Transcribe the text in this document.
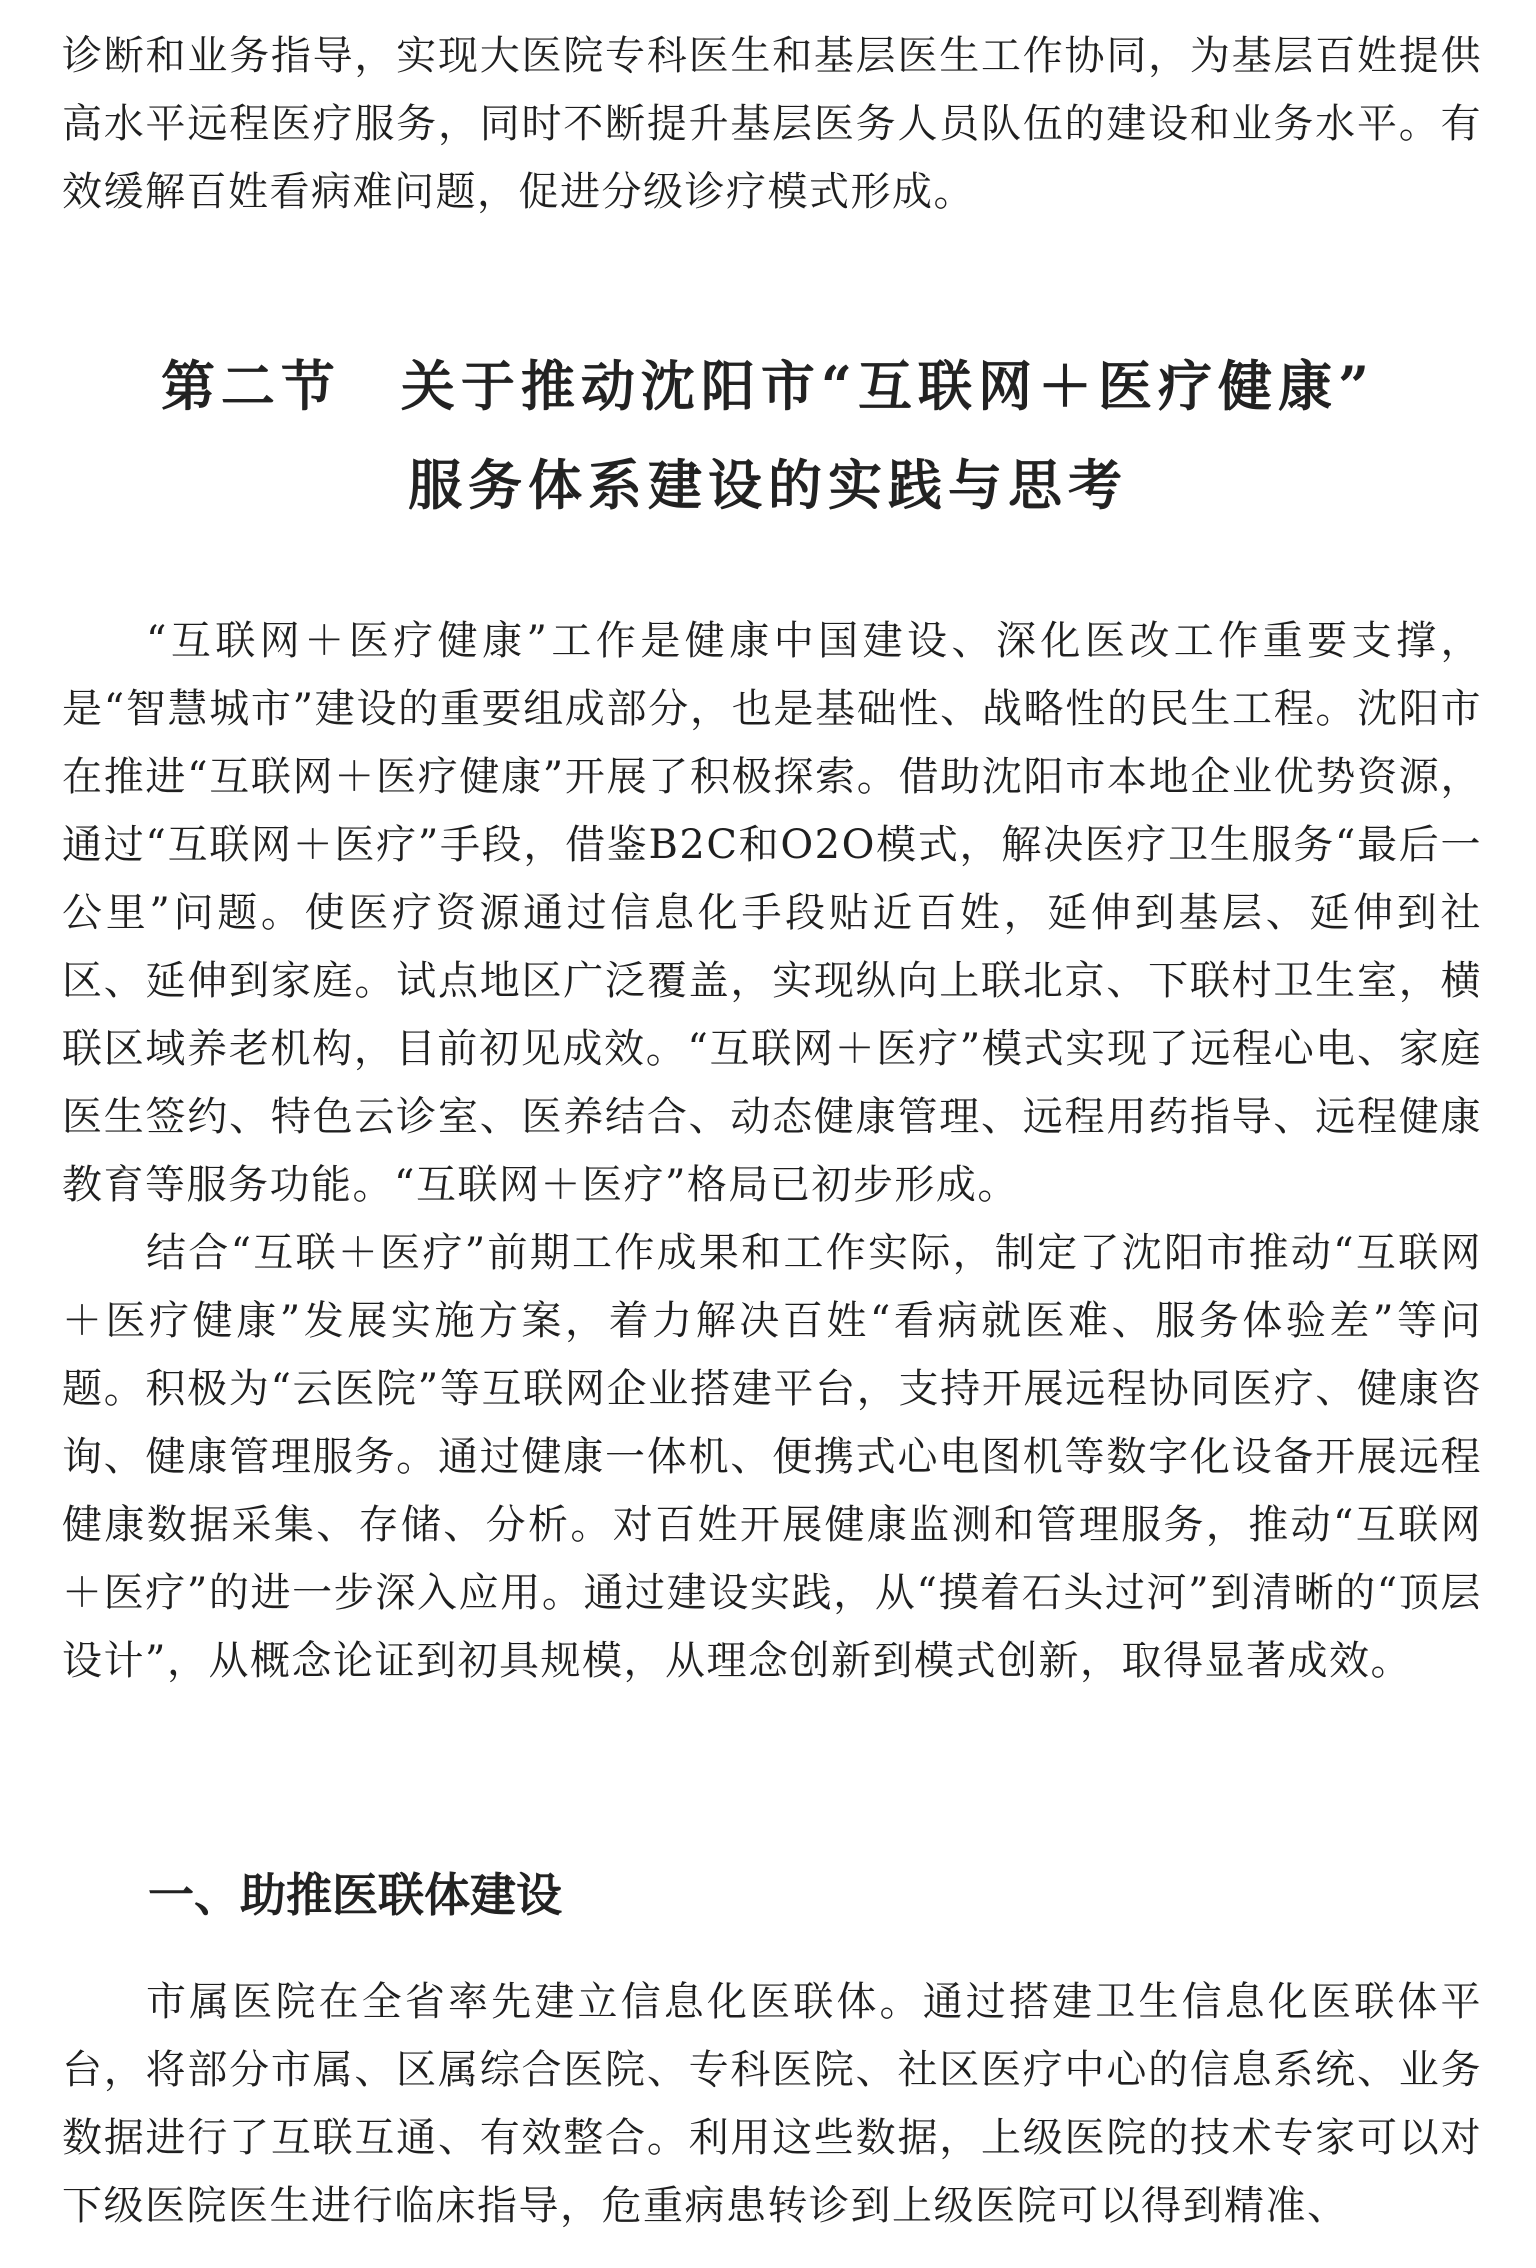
诊断和业务指导，实现大医院专科医生和基层医生工作协同，为基层百姓提供高水平远程医疗服务，同时不断提升基层医务人员队伍的建设和业务水平。有效缓解百姓看病难问题，促进分级诊疗模式形成。

第二节　关于推动沈阳市“互联网＋医疗健康”
服务体系建设的实践与思考

“互联网＋医疗健康”工作是健康中国建设、深化医改工作重要支撑，是“智慧城市”建设的重要组成部分，也是基础性、战略性的民生工程。沈阳市在推进“互联网＋医疗健康”开展了积极探索。借助沈阳市本地企业优势资源，通过“互联网＋医疗”手段，借鉴B2C和O2O模式，解决医疗卫生服务“最后一公里”问题。使医疗资源通过信息化手段贴近百姓，延伸到基层、延伸到社区、延伸到家庭。试点地区广泛覆盖，实现纵向上联北京、下联村卫生室，横联区域养老机构，目前初见成效。“互联网＋医疗”模式实现了远程心电、家庭医生签约、特色云诊室、医养结合、动态健康管理、远程用药指导、远程健康教育等服务功能。“互联网＋医疗”格局已初步形成。

结合“互联＋医疗”前期工作成果和工作实际，制定了沈阳市推动“互联网＋医疗健康”发展实施方案，着力解决百姓“看病就医难、服务体验差”等问题。积极为“云医院”等互联网企业搭建平台，支持开展远程协同医疗、健康咨询、健康管理服务。通过健康一体机、便携式心电图机等数字化设备开展远程健康数据采集、存储、分析。对百姓开展健康监测和管理服务，推动“互联网＋医疗”的进一步深入应用。通过建设实践，从“摸着石头过河”到清晰的“顶层设计”，从概念论证到初具规模，从理念创新到模式创新，取得显著成效。

一、助推医联体建设

市属医院在全省率先建立信息化医联体。通过搭建卫生信息化医联体平台，将部分市属、区属综合医院、专科医院、社区医疗中心的信息系统、业务数据进行了互联互通、有效整合。利用这些数据，上级医院的技术专家可以对下级医院医生进行临床指导，危重病患转诊到上级医院可以得到精准、
